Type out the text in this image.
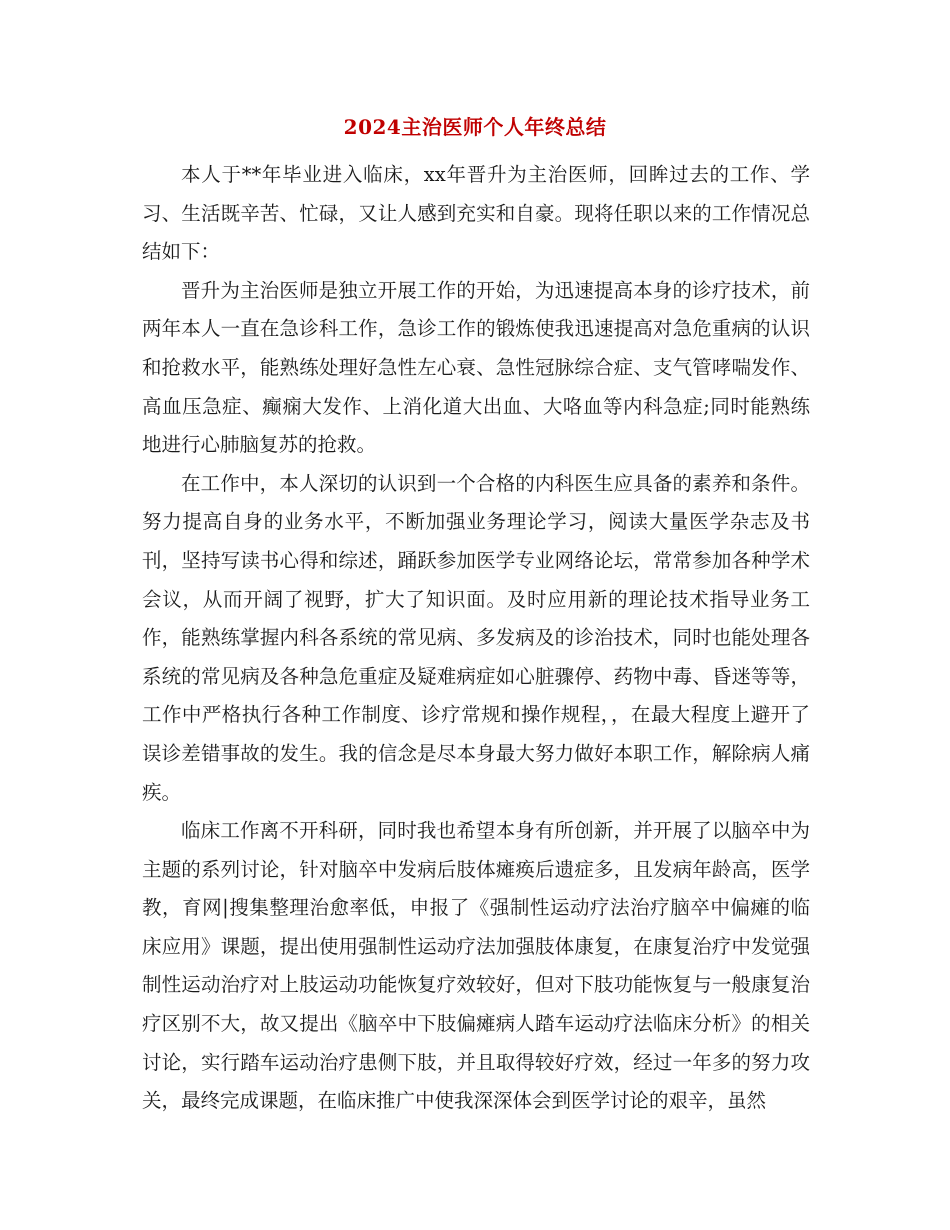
2024主治医师个人年终总结

本人于**年毕业进入临床，xx年晋升为主治医师，回眸过去的工作、学习、生活既辛苦、忙碌，又让人感到充实和自豪。现将任职以来的工作情况总结如下：

晋升为主治医师是独立开展工作的开始，为迅速提高本身的诊疗技术，前两年本人一直在急诊科工作，急诊工作的锻炼使我迅速提高对急危重病的认识和抢救水平，能熟练处理好急性左心衰、急性冠脉综合症、支气管哮喘发作、高血压急症、癫痫大发作、上消化道大出血、大咯血等内科急症;同时能熟练地进行心肺脑复苏的抢救。

在工作中，本人深切的认识到一个合格的内科医生应具备的素养和条件。努力提高自身的业务水平，不断加强业务理论学习，阅读大量医学杂志及书刊，坚持写读书心得和综述，踊跃参加医学专业网络论坛，常常参加各种学术会议，从而开阔了视野，扩大了知识面。及时应用新的理论技术指导业务工作，能熟练掌握内科各系统的常见病、多发病及的诊治技术，同时也能处理各系统的常见病及各种急危重症及疑难病症如心脏骤停、药物中毒、昏迷等等，工作中严格执行各种工作制度、诊疗常规和操作规程，，在最大程度上避开了误诊差错事故的发生。我的信念是尽本身最大努力做好本职工作，解除病人痛疾。

临床工作离不开科研，同时我也希望本身有所创新，并开展了以脑卒中为主题的系列讨论，针对脑卒中发病后肢体瘫痪后遗症多，且发病年龄高，医学教，育网|搜集整理治愈率低，申报了《强制性运动疗法治疗脑卒中偏瘫的临床应用》课题，提出使用强制性运动疗法加强肢体康复，在康复治疗中发觉强制性运动治疗对上肢运动功能恢复疗效较好，但对下肢功能恢复与一般康复治疗区别不大，故又提出《脑卒中下肢偏瘫病人踏车运动疗法临床分析》的相关讨论，实行踏车运动治疗患侧下肢，并且取得较好疗效，经过一年多的努力攻关，最终完成课题，在临床推广中使我深深体会到医学讨论的艰辛，虽然
